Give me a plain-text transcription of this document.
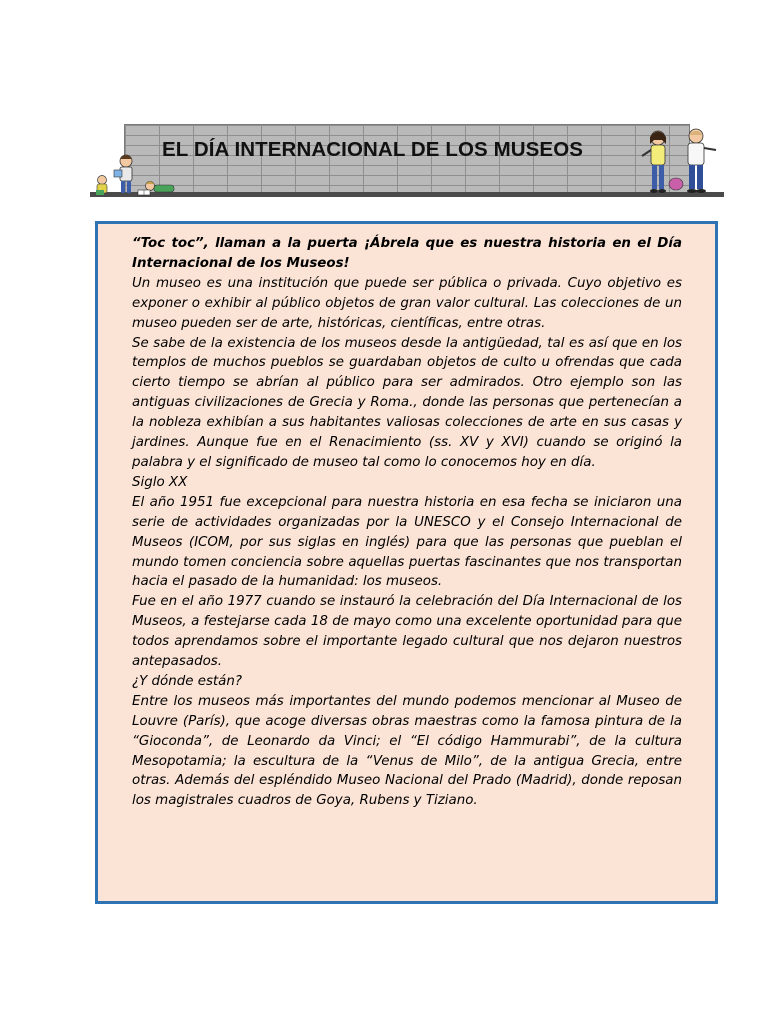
EL DÍA INTERNACIONAL DE LOS MUSEOS

“Toc toc”, llaman a la puerta ¡Ábrela que es nuestra historia en el Día Internacional de los Museos!

Un museo es una institución que puede ser pública o privada. Cuyo objetivo es exponer o exhibir al público objetos de gran valor cultural. Las colecciones de un museo pueden ser de arte, históricas, científicas, entre otras.

Se sabe de la existencia de los museos desde la antigüedad, tal es así que en los templos de muchos pueblos se guardaban objetos de culto u ofrendas que cada cierto tiempo se abrían al público para ser admirados. Otro ejemplo son las antiguas civilizaciones de Grecia y Roma., donde las personas que pertenecían a la nobleza exhibían a sus habitantes valiosas colecciones de arte en sus casas y jardines. Aunque fue en el Renacimiento (ss. XV y XVI) cuando se originó la palabra y el significado de museo tal como lo conocemos hoy en día.

Siglo XX

El año 1951 fue excepcional para nuestra historia en esa fecha se iniciaron una serie de actividades organizadas por la UNESCO y el Consejo Internacional de Museos (ICOM, por sus siglas en inglés) para que las personas que pueblan el mundo tomen conciencia sobre aquellas puertas fascinantes que nos transportan hacia el pasado de la humanidad: los museos.

Fue en el año 1977 cuando se instauró la celebración del Día Internacional de los Museos, a festejarse cada 18 de mayo como una excelente oportunidad para que todos aprendamos sobre el importante legado cultural que nos dejaron nuestros antepasados.

¿Y dónde están?

Entre los museos más importantes del mundo podemos mencionar al Museo de Louvre (París), que acoge diversas obras maestras como la famosa pintura de la “Gioconda”, de Leonardo da Vinci; el “El código Hammurabi”, de la cultura Mesopotamia; la escultura de la “Venus de Milo”, de la antigua Grecia, entre otras. Además del espléndido Museo Nacional del Prado (Madrid), donde reposan los magistrales cuadros de Goya, Rubens y Tiziano.
